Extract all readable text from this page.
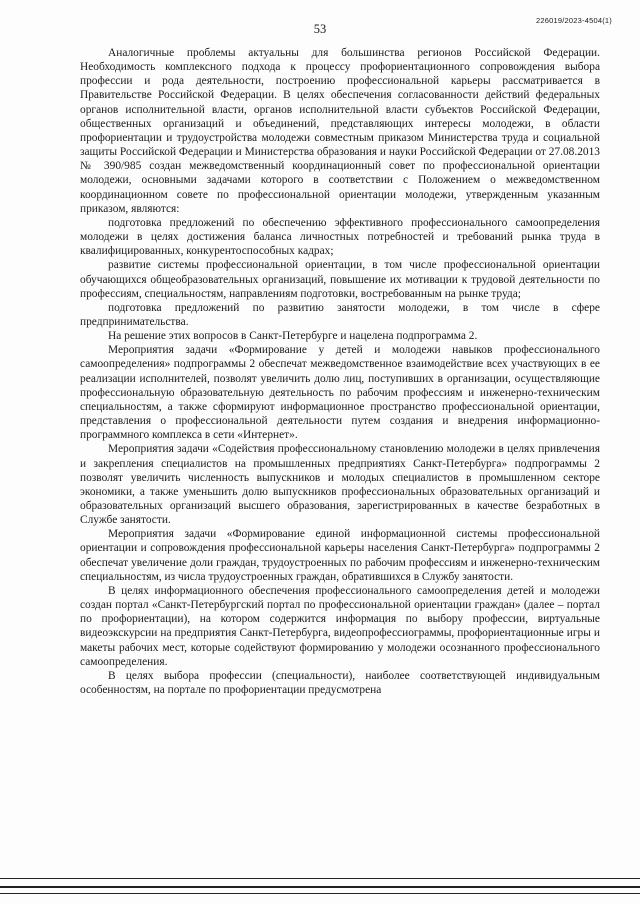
53
226019/2023-4504(1)

Аналогичные проблемы актуальны для большинства регионов Российской Федерации. Необходимость комплексного подхода к процессу профориентационного сопровождения выбора профессии и рода деятельности, построению профессиональной карьеры рассматривается в Правительстве Российской Федерации. В целях обеспечения согласованности действий федеральных органов исполнительной власти, органов исполнительной власти субъектов Российской Федерации, общественных организаций и объединений, представляющих интересы молодежи, в области профориентации и трудоустройства молодежи совместным приказом Министерства труда и социальной защиты Российской Федерации и Министерства образования и науки Российской Федерации от 27.08.2013 № 390/985 создан межведомственный координационный совет по профессиональной ориентации молодежи, основными задачами которого в соответствии с Положением о межведомственном координационном совете по профессиональной ориентации молодежи, утвержденным указанным приказом, являются:

подготовка предложений по обеспечению эффективного профессионального самоопределения молодежи в целях достижения баланса личностных потребностей и требований рынка труда в квалифицированных, конкурентоспособных кадрах;

развитие системы профессиональной ориентации, в том числе профессиональной ориентации обучающихся общеобразовательных организаций, повышение их мотивации к трудовой деятельности по профессиям, специальностям, направлениям подготовки, востребованным на рынке труда;

подготовка предложений по развитию занятости молодежи, в том числе в сфере предпринимательства.

На решение этих вопросов в Санкт-Петербурге и нацелена подпрограмма 2.

Мероприятия задачи «Формирование у детей и молодежи навыков профессионального самоопределения» подпрограммы 2 обеспечат межведомственное взаимодействие всех участвующих в ее реализации исполнителей, позволят увеличить долю лиц, поступивших в организации, осуществляющие профессиональную образовательную деятельность по рабочим профессиям и инженерно-техническим специальностям, а также сформируют информационное пространство профессиональной ориентации, представления о профессиональной деятельности путем создания и внедрения информационно-программного комплекса в сети «Интернет».

Мероприятия задачи «Содействия профессиональному становлению молодежи в целях привлечения и закрепления специалистов на промышленных предприятиях Санкт-Петербурга» подпрограммы 2 позволят увеличить численность выпускников и молодых специалистов в промышленном секторе экономики, а также уменьшить долю выпускников профессиональных образовательных организаций и образовательных организаций высшего образования, зарегистрированных в качестве безработных в Службе занятости.

Мероприятия задачи «Формирование единой информационной системы профессиональной ориентации и сопровождения профессиональной карьеры населения Санкт-Петербурга» подпрограммы 2 обеспечат увеличение доли граждан, трудоустроенных по рабочим профессиям и инженерно-техническим специальностям, из числа трудоустроенных граждан, обратившихся в Службу занятости.

В целях информационного обеспечения профессионального самоопределения детей и молодежи создан портал «Санкт-Петербургский портал по профессиональной ориентации граждан» (далее – портал по профориентации), на котором содержится информация по выбору профессии, виртуальные видеоэкскурсии на предприятия Санкт-Петербурга, видеопрофессиограммы, профориентационные игры и макеты рабочих мест, которые содействуют формированию у молодежи осознанного профессионального самоопределения.

В целях выбора профессии (специальности), наиболее соответствующей индивидуальным особенностям, на портале по профориентации предусмотрена
